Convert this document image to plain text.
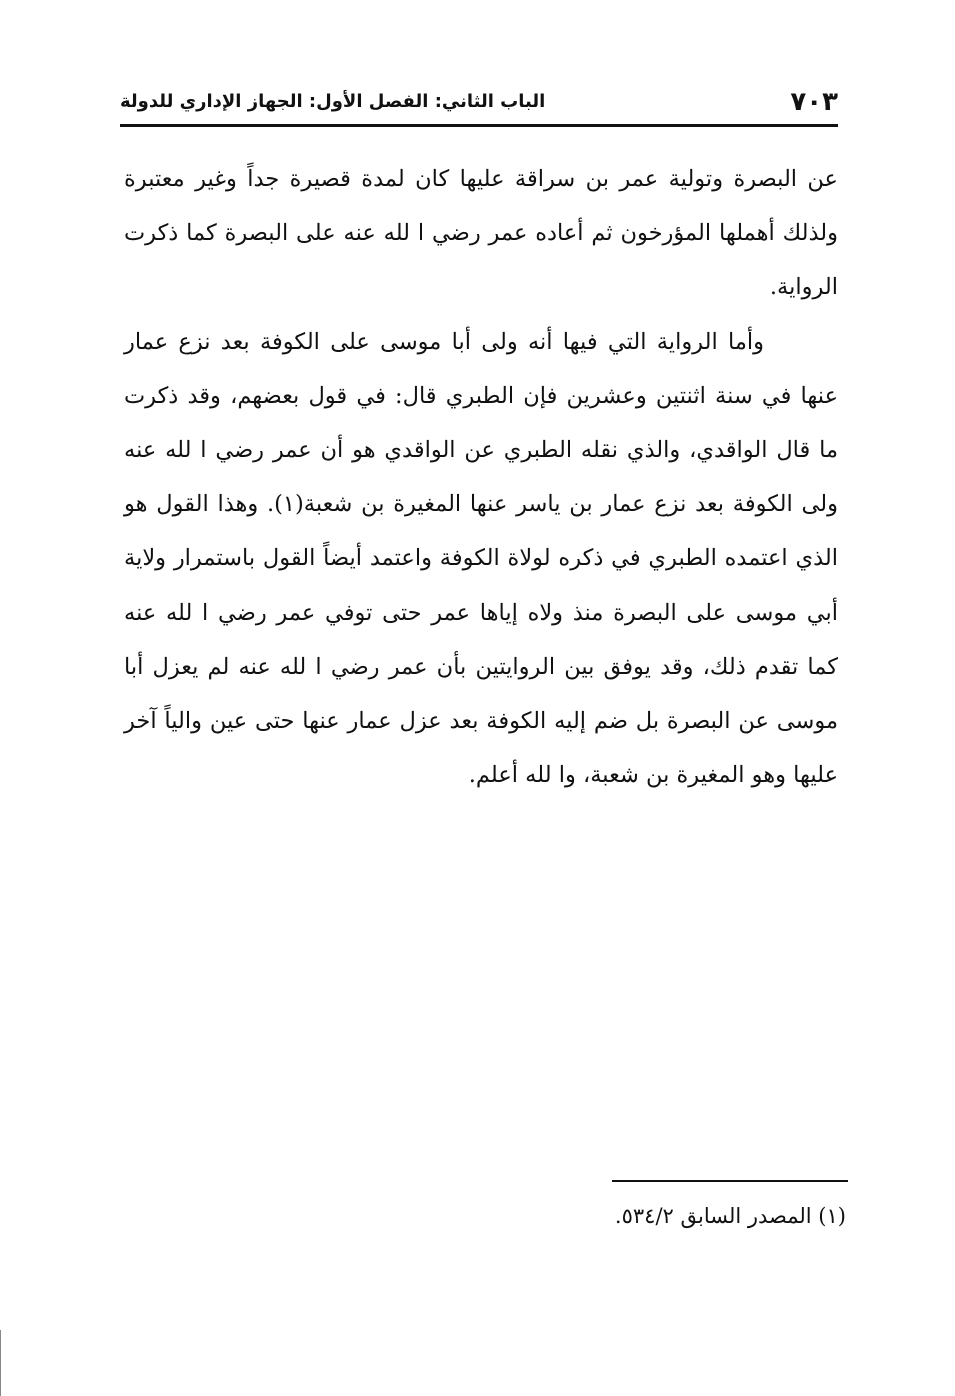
٧٠٣
الباب الثاني: الفصل الأول: الجهاز الإداري للدولة

عن البصرة وتولية عمر بن سراقة عليها كان لمدة قصيرة جداً وغير معتبرة ولذلك أهملها المؤرخون ثم أعاده عمر رضي ا لله عنه على البصرة كما ذكرت الرواية.

وأما الرواية التي فيها أنه ولى أبا موسى على الكوفة بعد نزع عمار عنها في سنة اثنتين وعشرين فإن الطبري قال: في قول بعضهم، وقد ذكرت ما قال الواقدي، والذي نقله الطبري عن الواقدي هو أن عمر رضي ا لله عنه ولى الكوفة بعد نزع عمار بن ياسر عنها المغيرة بن شعبة(١). وهذا القول هو الذي اعتمده الطبري في ذكره لولاة الكوفة واعتمد أيضاً القول باستمرار ولاية أبي موسى على البصرة منذ ولاه إياها عمر حتى توفي عمر رضي ا لله عنه كما تقدم ذلك، وقد يوفق بين الروايتين بأن عمر رضي ا لله عنه لم يعزل أبا موسى عن البصرة بل ضم إليه الكوفة بعد عزل عمار عنها حتى عين والياً آخر عليها وهو المغيرة بن شعبة، وا لله أعلم.

(١) المصدر السابق ٥٣٤/٢.
